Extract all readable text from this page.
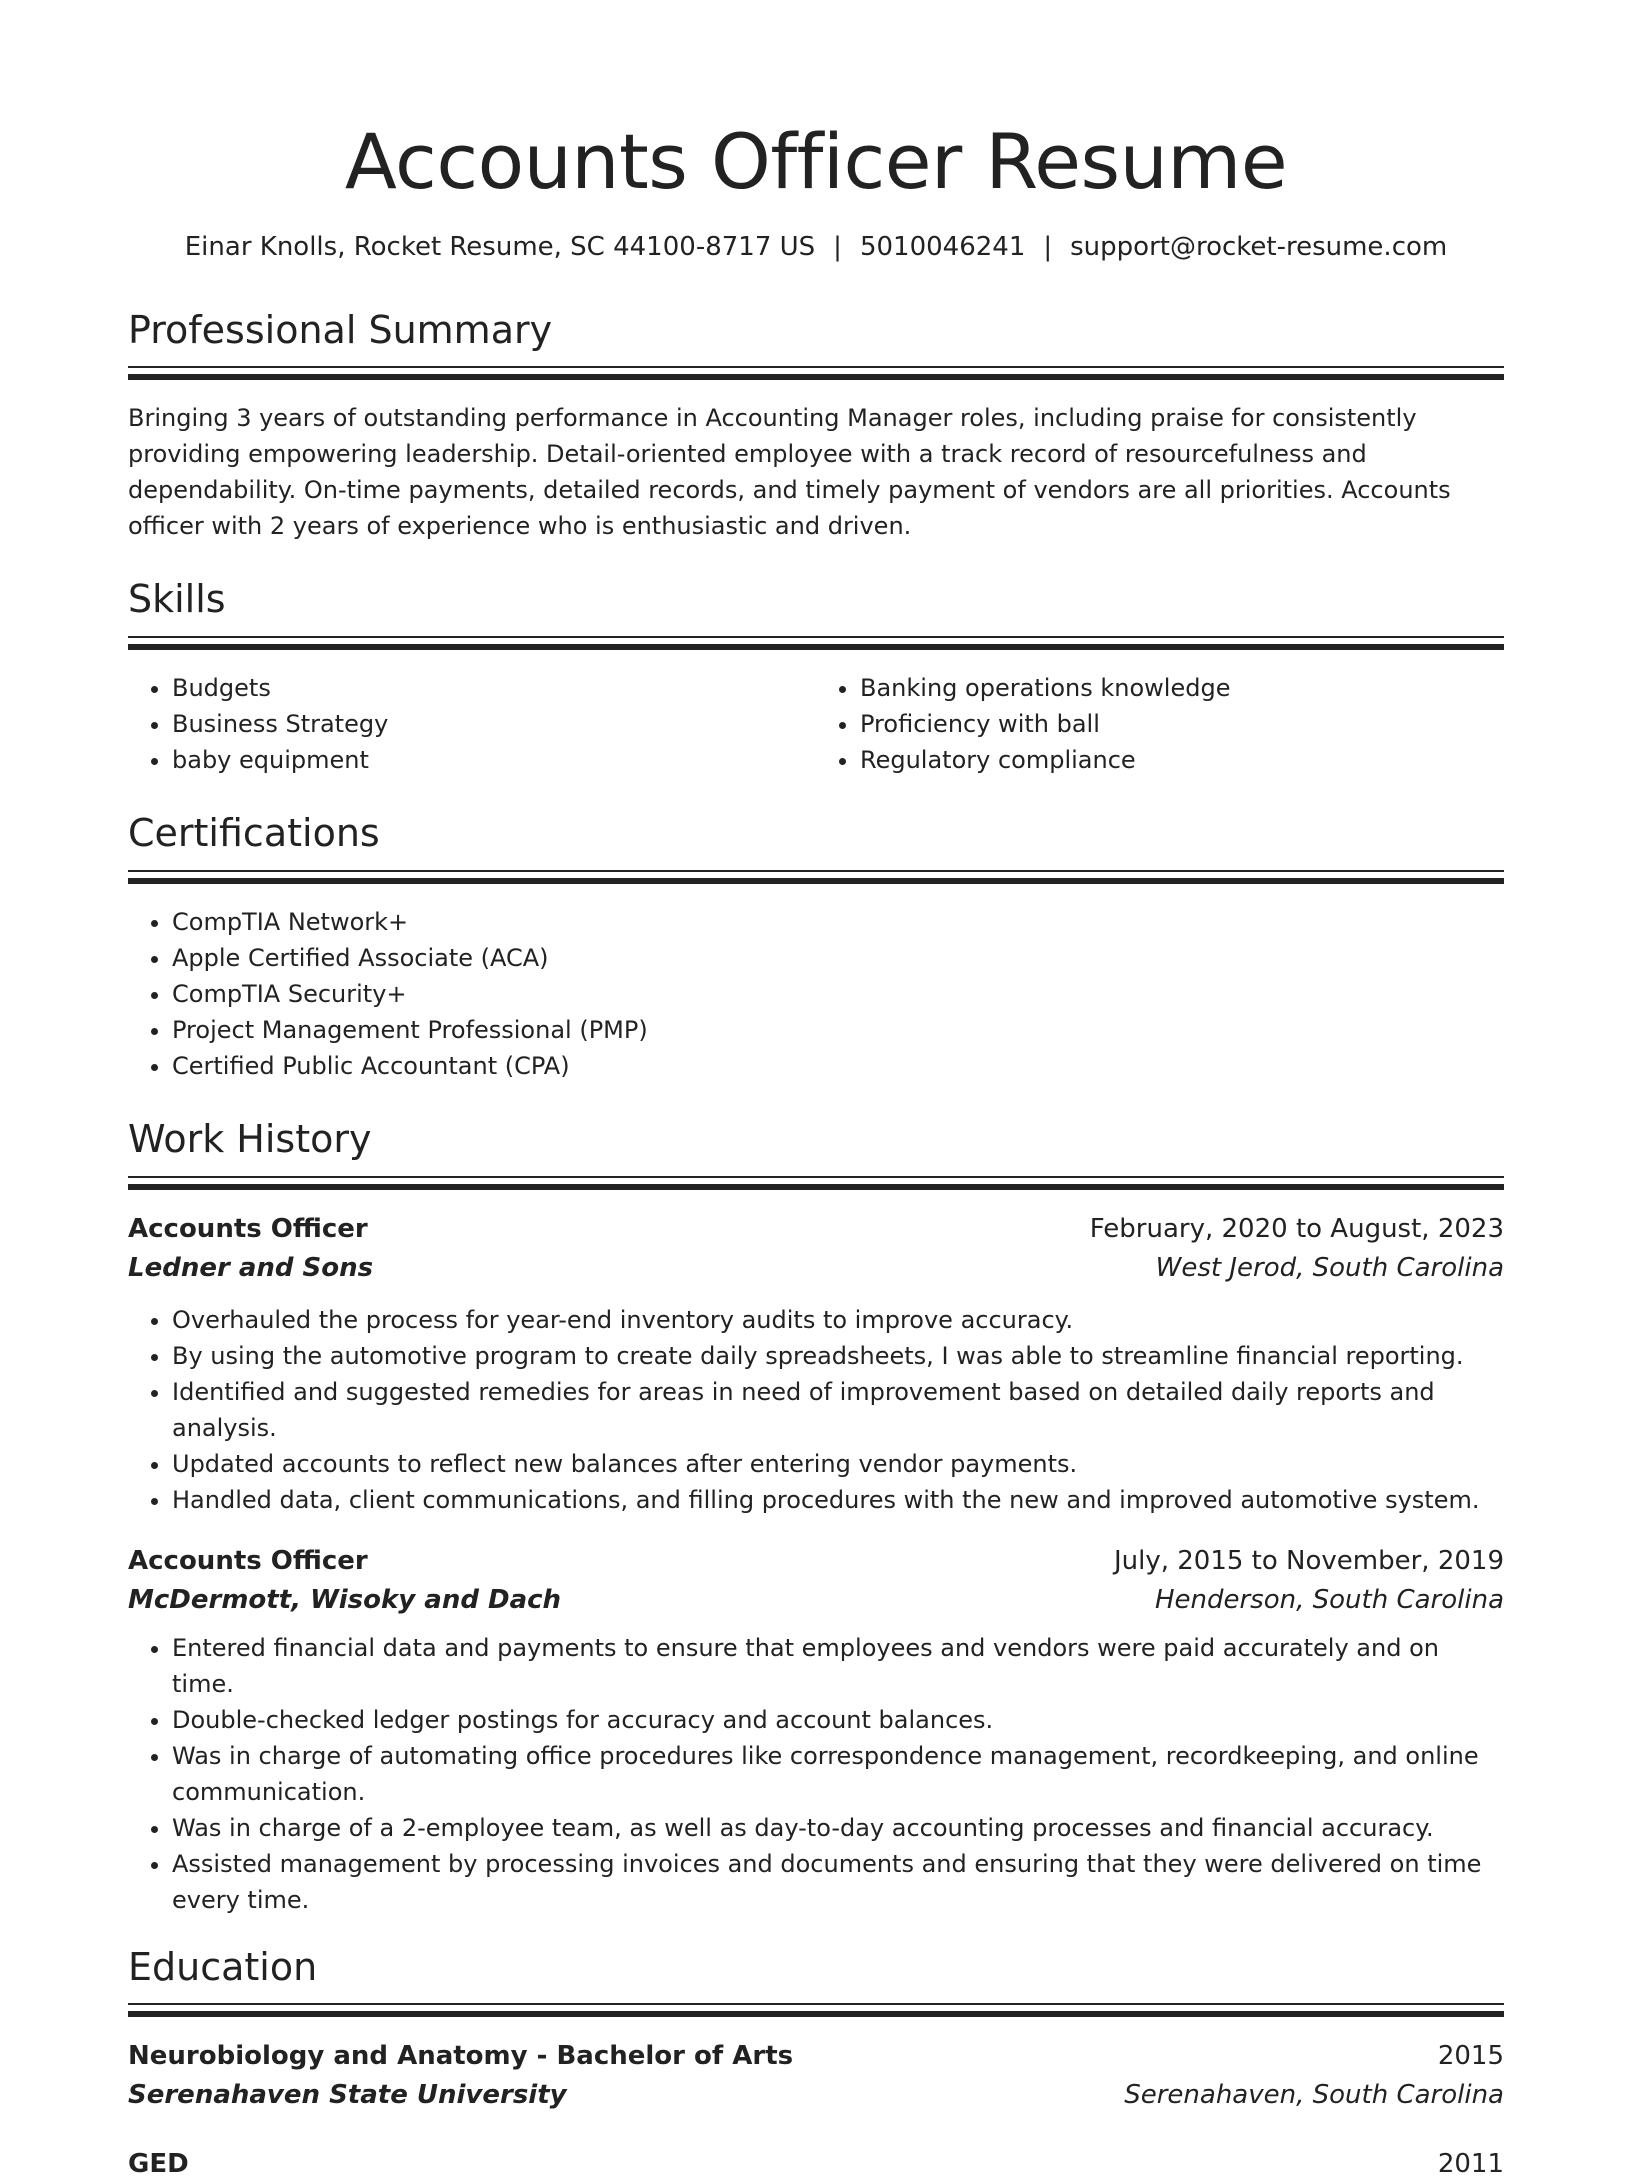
Accounts Officer Resume
Einar Knolls, Rocket Resume, SC 44100-8717 US | 5010046241 | support@rocket-resume.com
Professional Summary

Bringing 3 years of outstanding performance in Accounting Manager roles, including praise for consistently providing empowering leadership. Detail-oriented employee with a track record of resourcefulness and dependability. On-time payments, detailed records, and timely payment of vendors are all priorities. Accounts officer with 2 years of experience who is enthusiastic and driven.

Skills
• Budgets
• Business Strategy
• baby equipment
• Banking operations knowledge
• Proficiency with ball
• Regulatory compliance
Certifications
• CompTIA Network+
• Apple Certified Associate (ACA)
• CompTIA Security+
• Project Management Professional (PMP)
• Certified Public Accountant (CPA)
Work History
Accounts Officer	February, 2020 to August, 2023
Ledner and Sons	West Jerod, South Carolina
• Overhauled the process for year-end inventory audits to improve accuracy.
• By using the automotive program to create daily spreadsheets, I was able to streamline financial reporting.
• Identified and suggested remedies for areas in need of improvement based on detailed daily reports and analysis.
• Updated accounts to reflect new balances after entering vendor payments.
• Handled data, client communications, and filling procedures with the new and improved automotive system.
Accounts Officer	July, 2015 to November, 2019
McDermott, Wisoky and Dach	Henderson, South Carolina
• Entered financial data and payments to ensure that employees and vendors were paid accurately and on time.
• Double-checked ledger postings for accuracy and account balances.
• Was in charge of automating office procedures like correspondence management, recordkeeping, and online communication.
• Was in charge of a 2-employee team, as well as day-to-day accounting processes and financial accuracy.
• Assisted management by processing invoices and documents and ensuring that they were delivered on time every time.
Education
Neurobiology and Anatomy - Bachelor of Arts	2015
Serenahaven State University	Serenahaven, South Carolina
GED	2011
